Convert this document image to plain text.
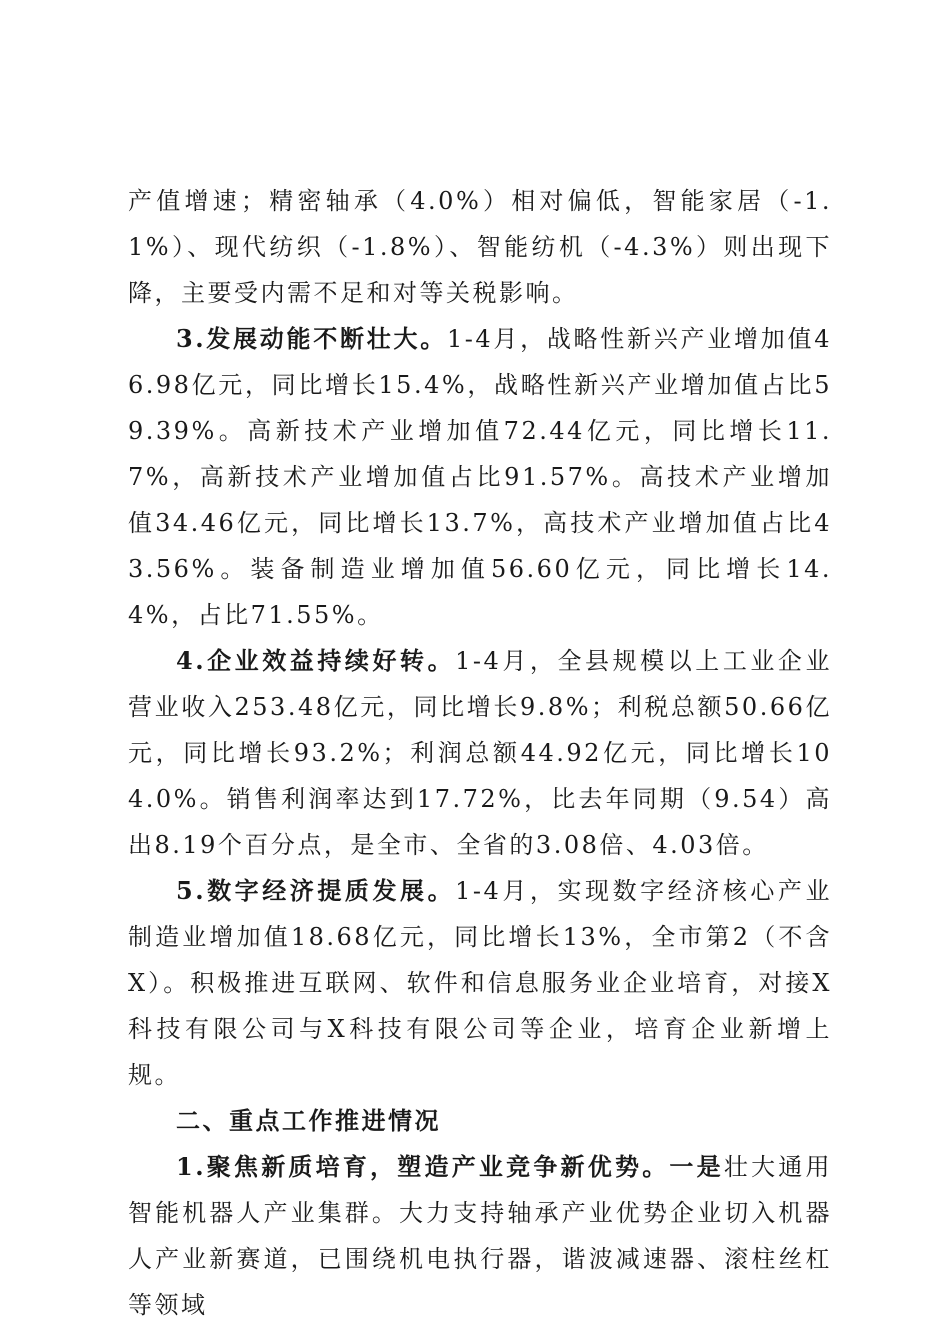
产值增速；精密轴承（4.0%）相对偏低，智能家居（-1.1%）、现代纺织（-1.8%）、智能纺机（-4.3%）则出现下降，主要受内需不足和对等关税影响。

3.发展动能不断壮大。1-4月，战略性新兴产业增加值46.98亿元，同比增长15.4%，战略性新兴产业增加值占比59.39%。高新技术产业增加值72.44亿元，同比增长11.7%，高新技术产业增加值占比91.57%。高技术产业增加值34.46亿元，同比增长13.7%，高技术产业增加值占比43.56%。装备制造业增加值56.60亿元，同比增长14.4%，占比71.55%。

4.企业效益持续好转。1-4月，全县规模以上工业企业营业收入253.48亿元，同比增长9.8%；利税总额50.66亿元，同比增长93.2%；利润总额44.92亿元，同比增长104.0%。销售利润率达到17.72%，比去年同期（9.54）高出8.19个百分点，是全市、全省的3.08倍、4.03倍。

5.数字经济提质发展。1-4月，实现数字经济核心产业制造业增加值18.68亿元，同比增长13%，全市第2（不含X）。积极推进互联网、软件和信息服务业企业培育，对接X科技有限公司与X科技有限公司等企业，培育企业新增上规。

二、重点工作推进情况

1.聚焦新质培育，塑造产业竞争新优势。一是壮大通用智能机器人产业集群。大力支持轴承产业优势企业切入机器人产业新赛道，已围绕机电执行器，谐波减速器、滚柱丝杠等领域
